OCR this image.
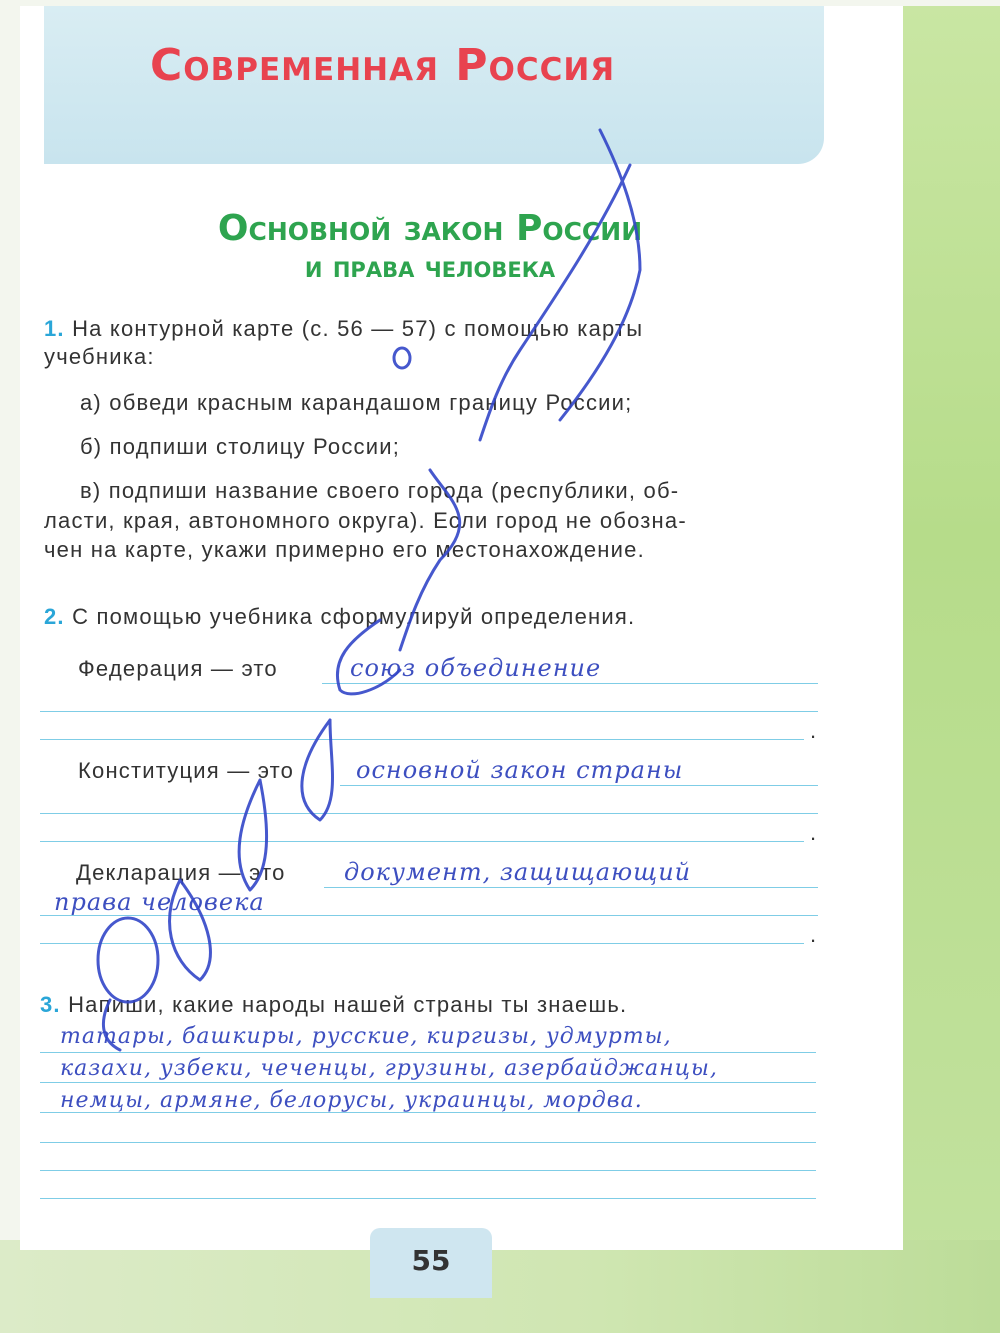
Современная Россия
Основной закон России
и права человека
1. На контурной карте (с. 56 — 57) с помощью карты
учебника:
а) обведи красным карандашом границу России;
б) подпиши столицу России;
в) подпиши название своего города (республики, об-
ласти, края, автономного округа). Если город не обозна-
чен на карте, укажи примерно его местонахождение.
2. С помощью учебника сформулируй определения.
Федерация — это	союз объединение
.
Конституция — это	основной закон страны
.
Декларация — это документ, защищающий
права человека
.
3. Напиши, какие народы нашей страны ты знаешь.
татары, башкиры, русские, киргизы, удмурты,
казахи, узбеки, чеченцы, грузины, азербайджанцы,
немцы, армяне, белорусы, украинцы, мордва.
55
